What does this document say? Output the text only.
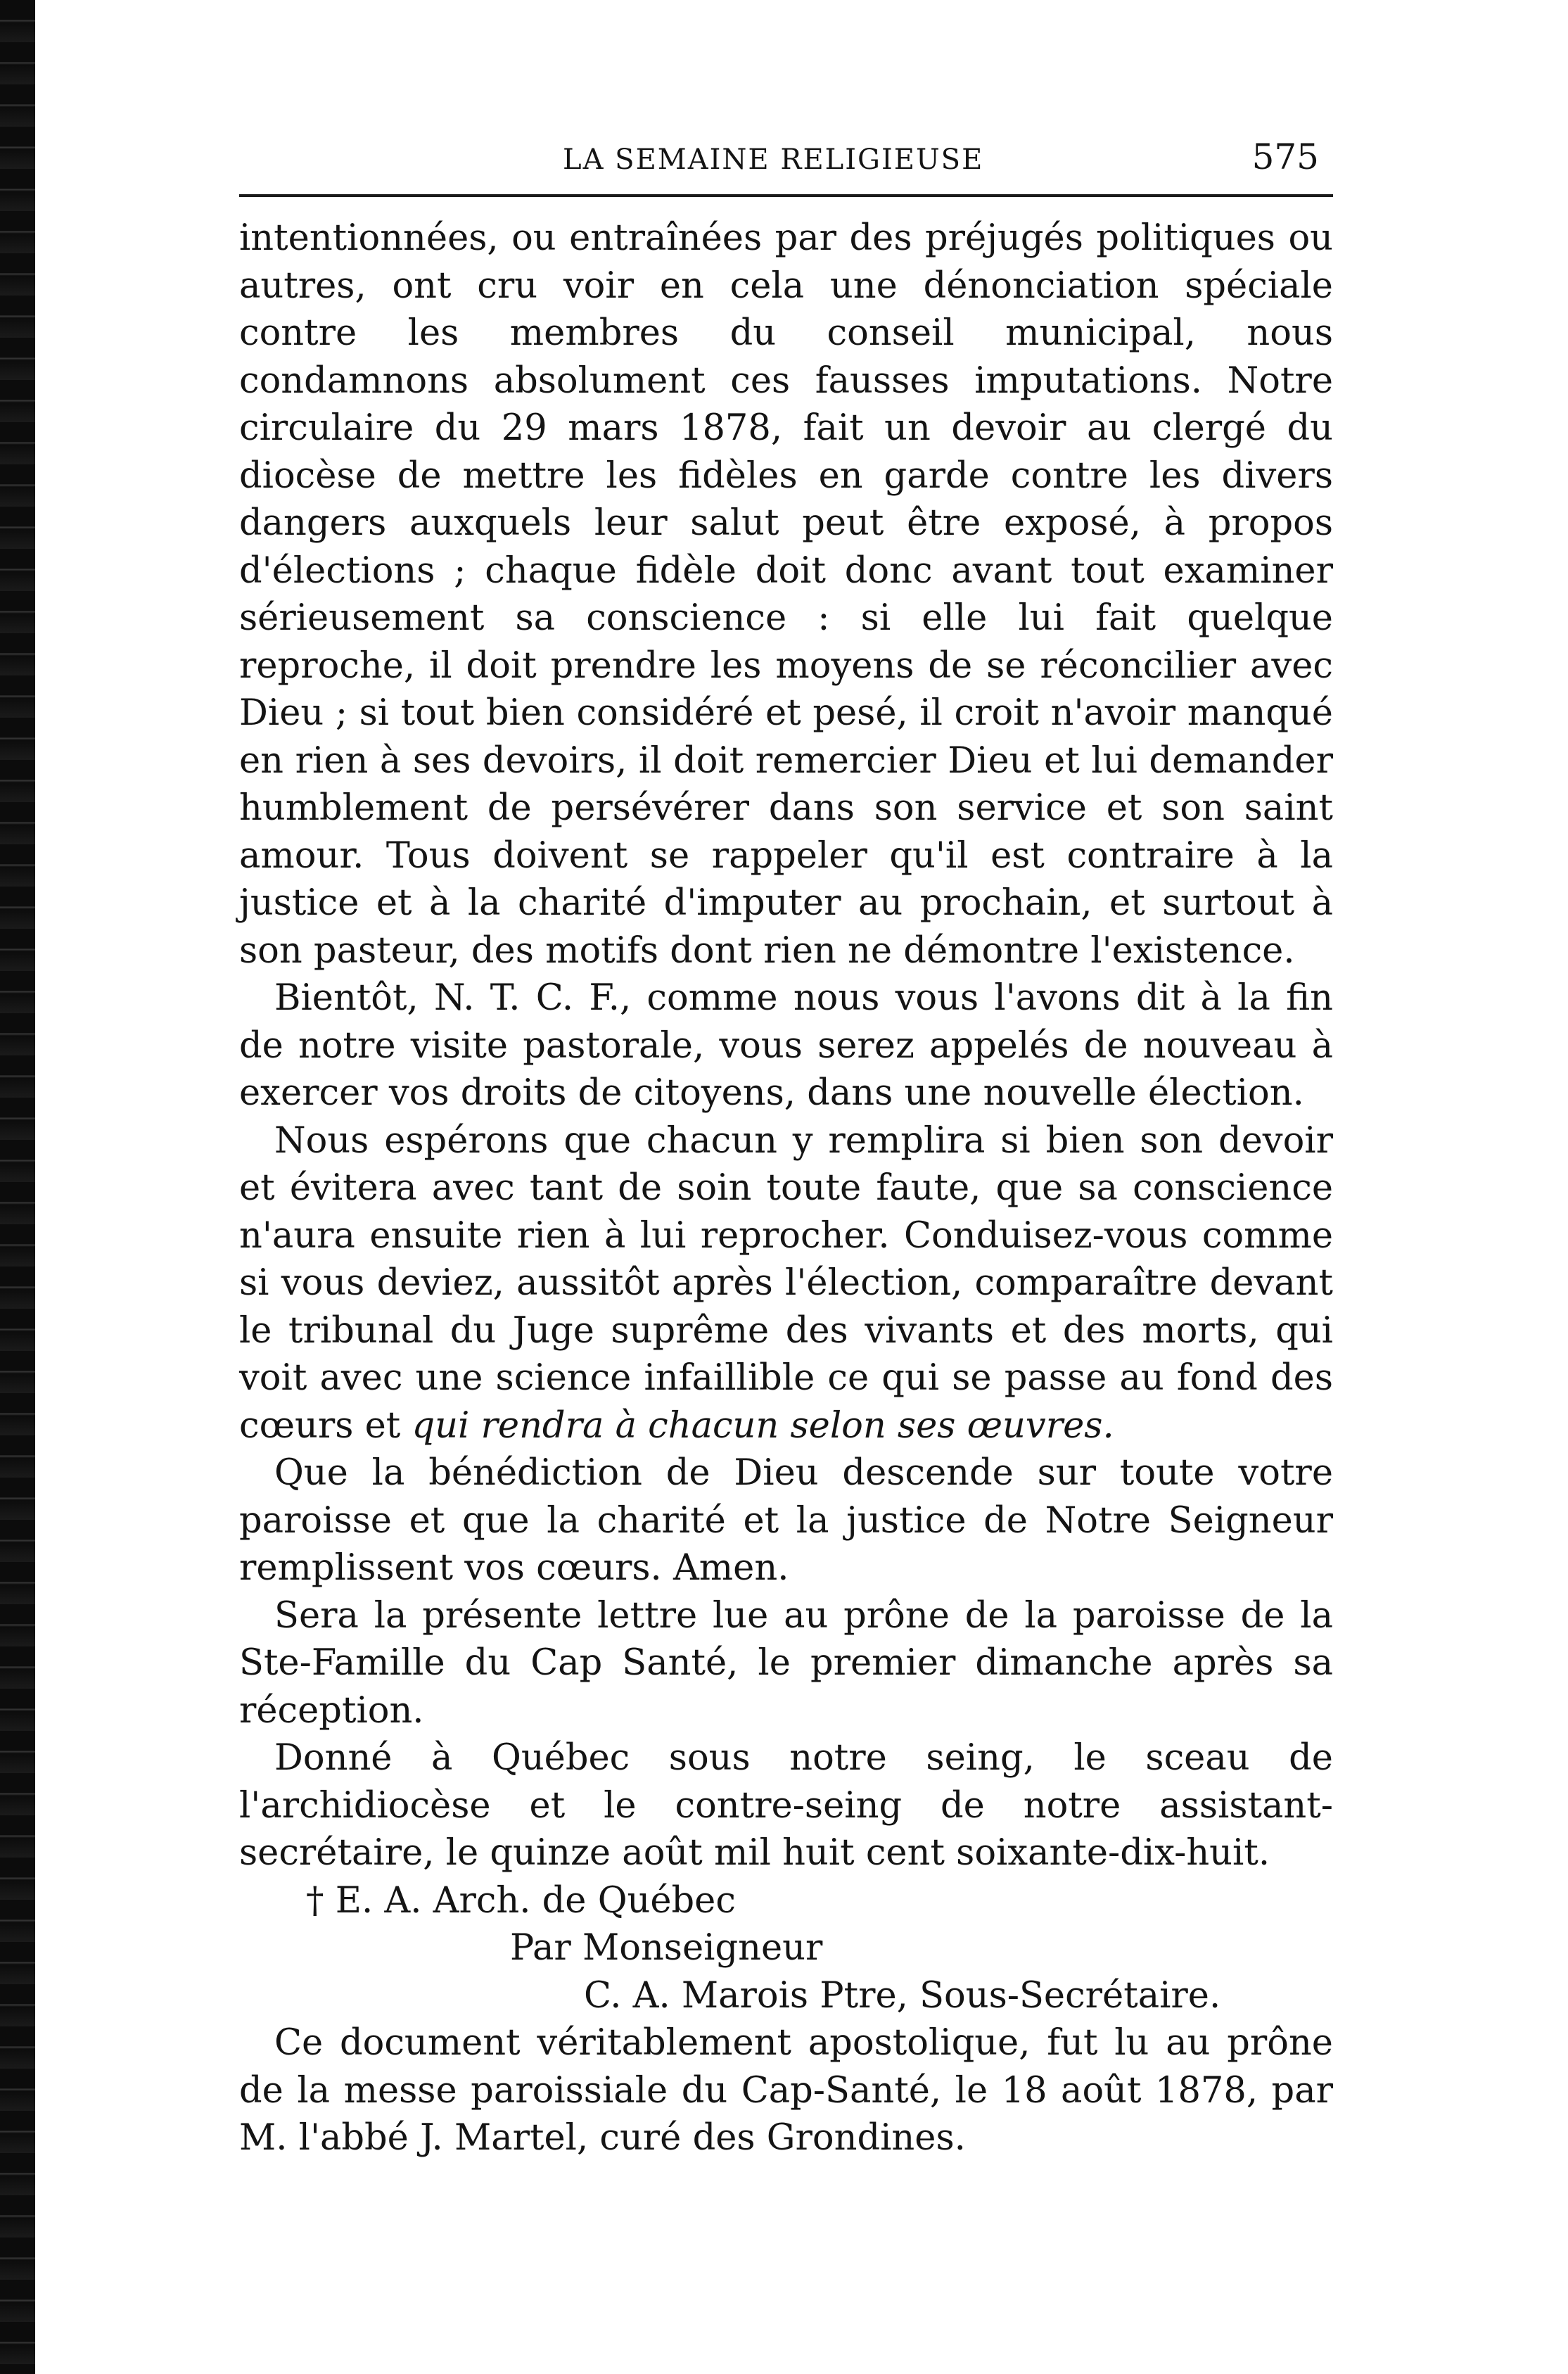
LA SEMAINE RELIGIEUSE	575

intentionnées, ou entraînées par des préjugés politiques ou autres, ont cru voir en cela une dénonciation spéciale contre les membres du conseil municipal, nous condamnons absolument ces fausses imputations. Notre circulaire du 29 mars 1878, fait un devoir au clergé du diocèse de mettre les fidèles en garde contre les divers dangers auxquels leur salut peut être exposé, à propos d'élections ; chaque fidèle doit donc avant tout examiner sérieusement sa conscience : si elle lui fait quelque reproche, il doit prendre les moyens de se réconcilier avec Dieu ; si tout bien considéré et pesé, il croit n'avoir manqué en rien à ses devoirs, il doit remercier Dieu et lui demander humblement de persévérer dans son service et son saint amour. Tous doivent se rappeler qu'il est contraire à la justice et à la charité d'imputer au prochain, et surtout à son pasteur, des motifs dont rien ne démontre l'existence.

Bientôt, N. T. C. F., comme nous vous l'avons dit à la fin de notre visite pastorale, vous serez appelés de nouveau à exercer vos droits de citoyens, dans une nouvelle élection.

Nous espérons que chacun y remplira si bien son devoir et évitera avec tant de soin toute faute, que sa conscience n'aura ensuite rien à lui reprocher. Conduisez-vous comme si vous deviez, aussitôt après l'élection, comparaître devant le tribunal du Juge suprême des vivants et des morts, qui voit avec une science infaillible ce qui se passe au fond des cœurs et qui rendra à chacun selon ses œuvres.

Que la bénédiction de Dieu descende sur toute votre paroisse et que la charité et la justice de Notre Seigneur remplissent vos cœurs. Amen.

Sera la présente lettre lue au prône de la paroisse de la Ste-Famille du Cap Santé, le premier dimanche après sa réception.

Donné à Québec sous notre seing, le sceau de l'archidiocèse et le contre-seing de notre assistant-secrétaire, le quinze août mil huit cent soixante-dix-huit.

† E. A. Arch. de Québec

Par Monseigneur

C. A. Marois Ptre, Sous-Secrétaire.

Ce document véritablement apostolique, fut lu au prône de la messe paroissiale du Cap-Santé, le 18 août 1878, par M. l'abbé J. Martel, curé des Grondines.
